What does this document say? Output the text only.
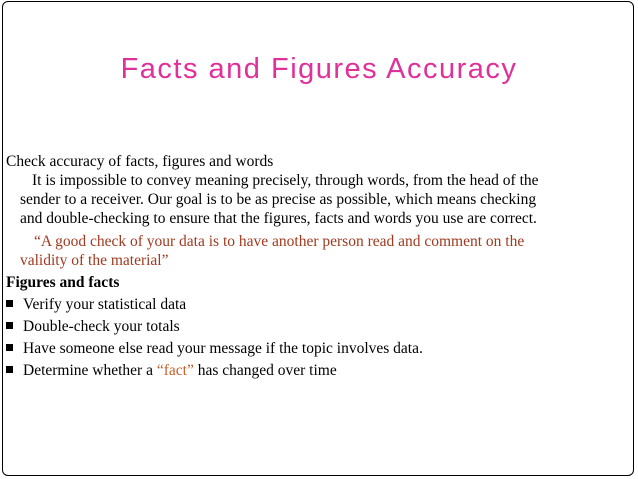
Facts and Figures Accuracy
Check accuracy of facts, figures and words
It is impossible to convey meaning precisely, through words, from the head of the
sender to a receiver. Our goal is to be as precise as possible, which means checking
and double-checking to ensure that the figures, facts and words you use are correct.
“A good check of your data is to have another person read and comment on the
validity of the material”
Figures and facts
Verify your statistical data
Double-check your totals
Have someone else read your message if the topic involves data.
Determine whether a “fact” has changed over time
